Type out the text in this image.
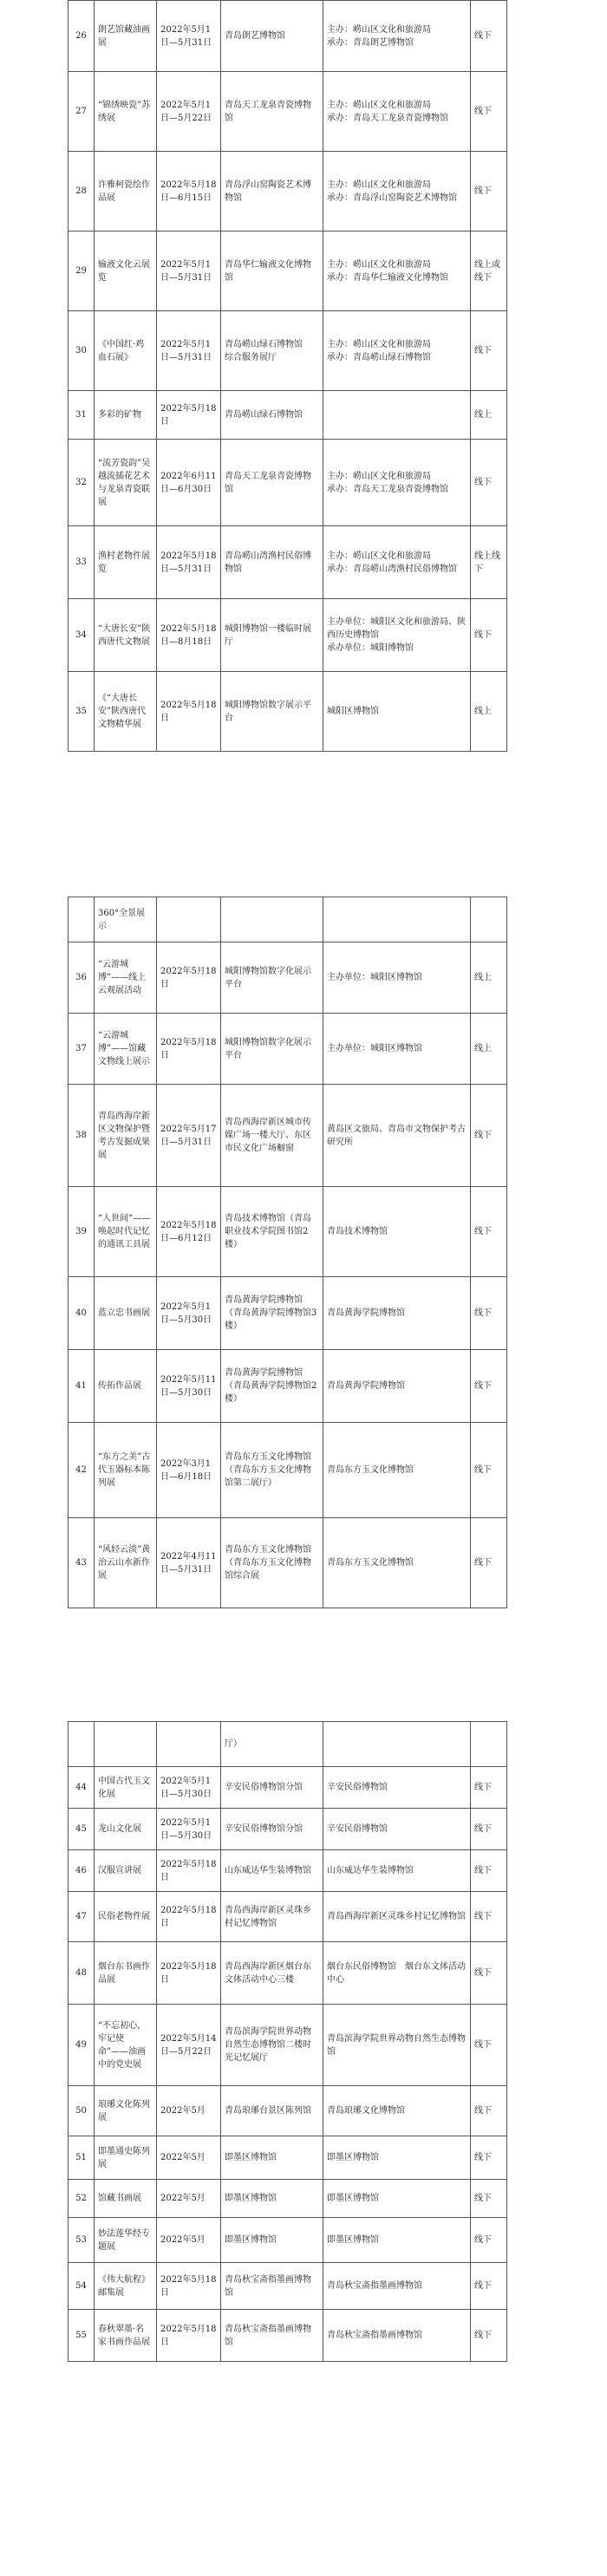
26	朗艺馆藏油画展	2022年5月1日—5月31日	青岛朗艺博物馆	主办：崂山区文化和旅游局
承办：青岛朗艺博物馆	线下
27	“锦绣映瓷”苏绣展	2022年5月1日—5月22日	青岛天工龙泉青瓷博物馆	主办：崂山区文化和旅游局
承办：青岛天工龙泉青瓷博物馆	线下
28	许雅柯瓷绘作品展	2022年5月18日—6月15日	青岛浮山窑陶瓷艺术博物馆	主办：崂山区文化和旅游局
承办：青岛浮山窑陶瓷艺术博物馆	线下
29	输液文化云展览	2022年5月1日—5月31日	青岛华仁输液文化博物馆	主办：崂山区文化和旅游局
承办：青岛华仁输液文化博物馆	线上或线下
30	《中国红·鸡血石展》	2022年5月1日—5月31日	青岛崂山绿石博物馆
综合服务展厅	主办：崂山区文化和旅游局
承办：青岛崂山绿石博物馆	线下
31	多彩的矿物	2022年5月18日	青岛崂山绿石博物馆		线上
32	“流芳瓷韵”吴越流插花艺术与龙泉青瓷联展	2022年6月11日—6月30日	青岛天工龙泉青瓷博物馆	主办：崂山区文化和旅游局
承办：青岛天工龙泉青瓷博物馆	线下
33	渔村老物件展览	2022年5月18日—5月31日	青岛崂山湾渔村民俗博物馆	主办：崂山区文化和旅游局
承办：青岛崂山湾渔村民俗博物馆	线上线下
34	“大唐长安”陕西唐代文物展	2022年5月18日—8月18日	城阳博物馆一楼临时展厅	主办单位：城阳区文化和旅游局、陕西历史博物馆
承办单位：城阳博物馆	线下
35	《“大唐长安”陕西唐代文物精华展	2022年5月18日	城阳博物馆数字展示平台	城阳区博物馆	线上
	360°全景展示				
36	“云游城博”——线上云观展活动	2022年5月18日	城阳博物馆数字化展示平台	主办单位：城阳区博物馆	线上
37	“云游城博”——馆藏文物线上展示	2022年5月18日	城阳博物馆数字化展示平台	主办单位：城阳区博物馆	线上
38	青岛西海岸新区文物保护暨考古发掘成果展	2022年5月17日—5月31日	青岛西海岸新区城市传媒广场一楼大厅、东区市民文化广场橱窗	黄岛区文旅局、青岛市文物保护考古研究所	线下
39	“人世间”——唤起时代记忆的通讯工具展	2022年5月18日—6月12日	青岛技术博物馆（青岛职业技术学院图书馆2楼）	青岛技术博物馆	线下
40	蓝立忠书画展	2022年5月1日—5月30日	青岛黄海学院博物馆（青岛黄海学院博物馆3楼）	青岛黄海学院博物馆	线下
41	传拓作品展	2022年5月11日—5月30日	青岛黄海学院博物馆（青岛黄海学院博物馆2楼）	青岛黄海学院博物馆	线下
42	“东方之美”古代玉器标本陈列展	2022年3月1日—6月18日	青岛东方玉文化博物馆（青岛东方玉文化博物馆第二展厅）	青岛东方玉文化博物馆	线下
43	“风轻云淡”黄治云山水新作展	2022年4月11日—5月31日	青岛东方玉文化博物馆（青岛东方玉文化博物馆综合展	青岛东方玉文化博物馆	线下
			厅）		
44	中国古代玉文化展	2022年5月1日—5月30日	辛安民俗博物馆分馆	辛安民俗博物馆	线下
45	龙山文化展	2022年5月1日—5月30日	辛安民俗博物馆分馆	辛安民俗博物馆	线下
46	汉服宣讲展	2022年5月18日	山东威达华生装博物馆	山东威达华生装博物馆	线下
47	民俗老物件展	2022年5月18日	青岛西海岸新区灵珠乡村记忆博物馆	青岛西海岸新区灵珠乡村记忆博物馆	线下
48	烟台东书画作品展	2022年5月18日	青岛西海岸新区烟台东文体活动中心三楼	烟台东民俗博物馆　烟台东文体活动中心	线下
49	“不忘初心，牢记使命”——油画中的党史展	2022年5月14日—5月22日	青岛滨海学院世界动物自然生态博物馆二楼时光记忆展厅	青岛滨海学院世界动物自然生态博物馆	线下
50	琅琊文化陈列展	2022年5月	青岛琅琊台景区陈列馆	青岛琅琊文化博物馆	线下
51	即墨通史陈列展	2022年5月	即墨区博物馆	即墨区博物馆	线下
52	馆藏书画展	2022年5月	即墨区博物馆	即墨区博物馆	线下
53	妙法莲华经专题展	2022年5月	即墨区博物馆	即墨区博物馆	线下
54	《伟大航程》邮集展	2022年5月18日	青岛秋宝斋指墨画博物馆	青岛秋宝斋指墨画博物馆	线下
55	春秋翠墨·名家书画作品展	2022年5月18日	青岛秋宝斋指墨画博物馆	青岛秋宝斋指墨画博物馆	线下
